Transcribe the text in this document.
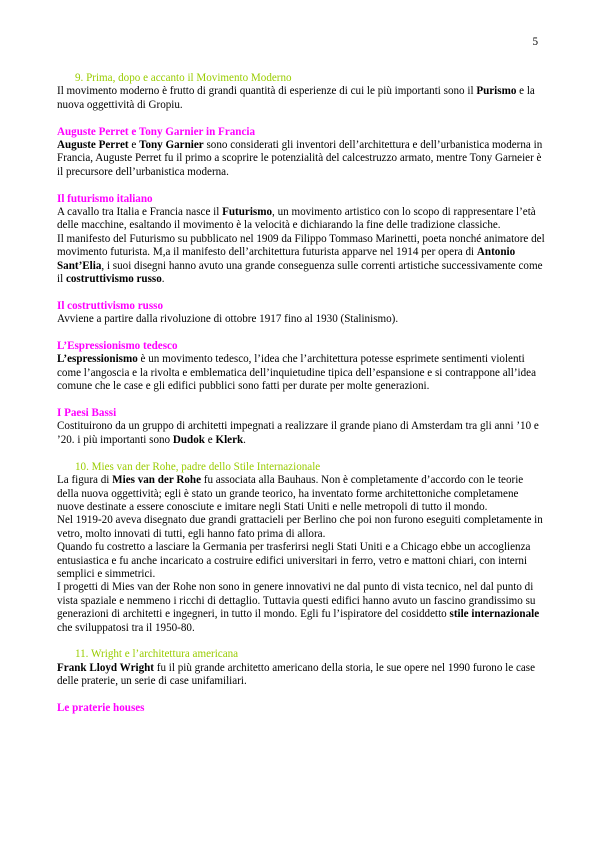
5

9. Prima, dopo e accanto il Movimento Moderno

Il movimento moderno è frutto di grandi quantità di esperienze di cui le più importanti sono il Purismo e la nuova oggettività di Gropiu.

Auguste Perret e Tony Garnier in Francia

Auguste Perret e Tony Garnier sono considerati gli inventori dell’architettura e dell’urbanistica moderna in Francia, Auguste Perret fu il primo a scoprire le potenzialità del calcestruzzo armato, mentre Tony Garneier è il precursore dell’urbanistica moderna.

Il futurismo italiano

A cavallo tra Italia e Francia nasce il Futurismo, un movimento artistico con lo scopo di rappresentare l’età delle macchine, esaltando il movimento è la velocità e dichiarando la fine delle tradizione classiche.

Il manifesto del Futurismo su pubblicato nel 1909 da Filippo Tommaso Marinetti, poeta nonché animatore del movimento futurista. M,a il manifesto dell’architettura futurista apparve nel 1914 per opera di Antonio Sant’Elia, i suoi disegni hanno avuto una grande conseguenza sulle correnti artistiche successivamente come il costruttivismo russo.

Il costruttivismo russo

Avviene a partire dalla rivoluzione di ottobre 1917 fino al 1930 (Stalinismo).

L’Espressionismo tedesco

L’espressionismo è un movimento tedesco, l’idea che l’architettura potesse esprimete sentimenti violenti come l’angoscia e la rivolta e emblematica dell’inquietudine tipica dell’espansione e si contrappone all’idea comune che le case e gli edifici pubblici sono fatti per durate per molte generazioni.

I Paesi Bassi

Costituirono da un gruppo di architetti impegnati a realizzare il grande piano di Amsterdam tra gli anni ’10 e ’20. i più importanti sono Dudok e Klerk.

10. Mies van der Rohe, padre dello Stile Internazionale

La figura di Mies van der Rohe fu associata alla Bauhaus. Non è completamente d’accordo con le teorie della nuova oggettività; egli è stato un grande teorico, ha inventato forme architettoniche completamene nuove destinate a essere conosciute e imitare negli Stati Uniti e nelle metropoli di tutto il mondo.

Nel 1919-20 aveva disegnato due grandi grattacieli per Berlino che poi non furono eseguiti completamente in vetro, molto innovati di tutti, egli hanno fato prima di allora.

Quando fu costretto a lasciare la Germania per trasferirsi negli Stati Uniti e a Chicago ebbe un accoglienza entusiastica e fu anche incaricato a costruire edifici universitari in ferro, vetro e mattoni chiari, con interni semplici e simmetrici.

I progetti di Mies van der Rohe non sono in genere innovativi ne dal punto di vista tecnico, nel dal punto di vista spaziale e nemmeno i ricchi di dettaglio. Tuttavia questi edifici hanno avuto un fascino grandissimo su generazioni di architetti e ingegneri, in tutto il mondo. Egli fu l’ispiratore del cosiddetto stile internazionale che sviluppatosi tra il 1950-80.

11. Wright e l’architettura americana

Frank Lloyd Wright fu il più grande architetto americano della storia, le sue opere nel 1990 furono le case delle praterie, un serie di case unifamiliari.

Le praterie houses
